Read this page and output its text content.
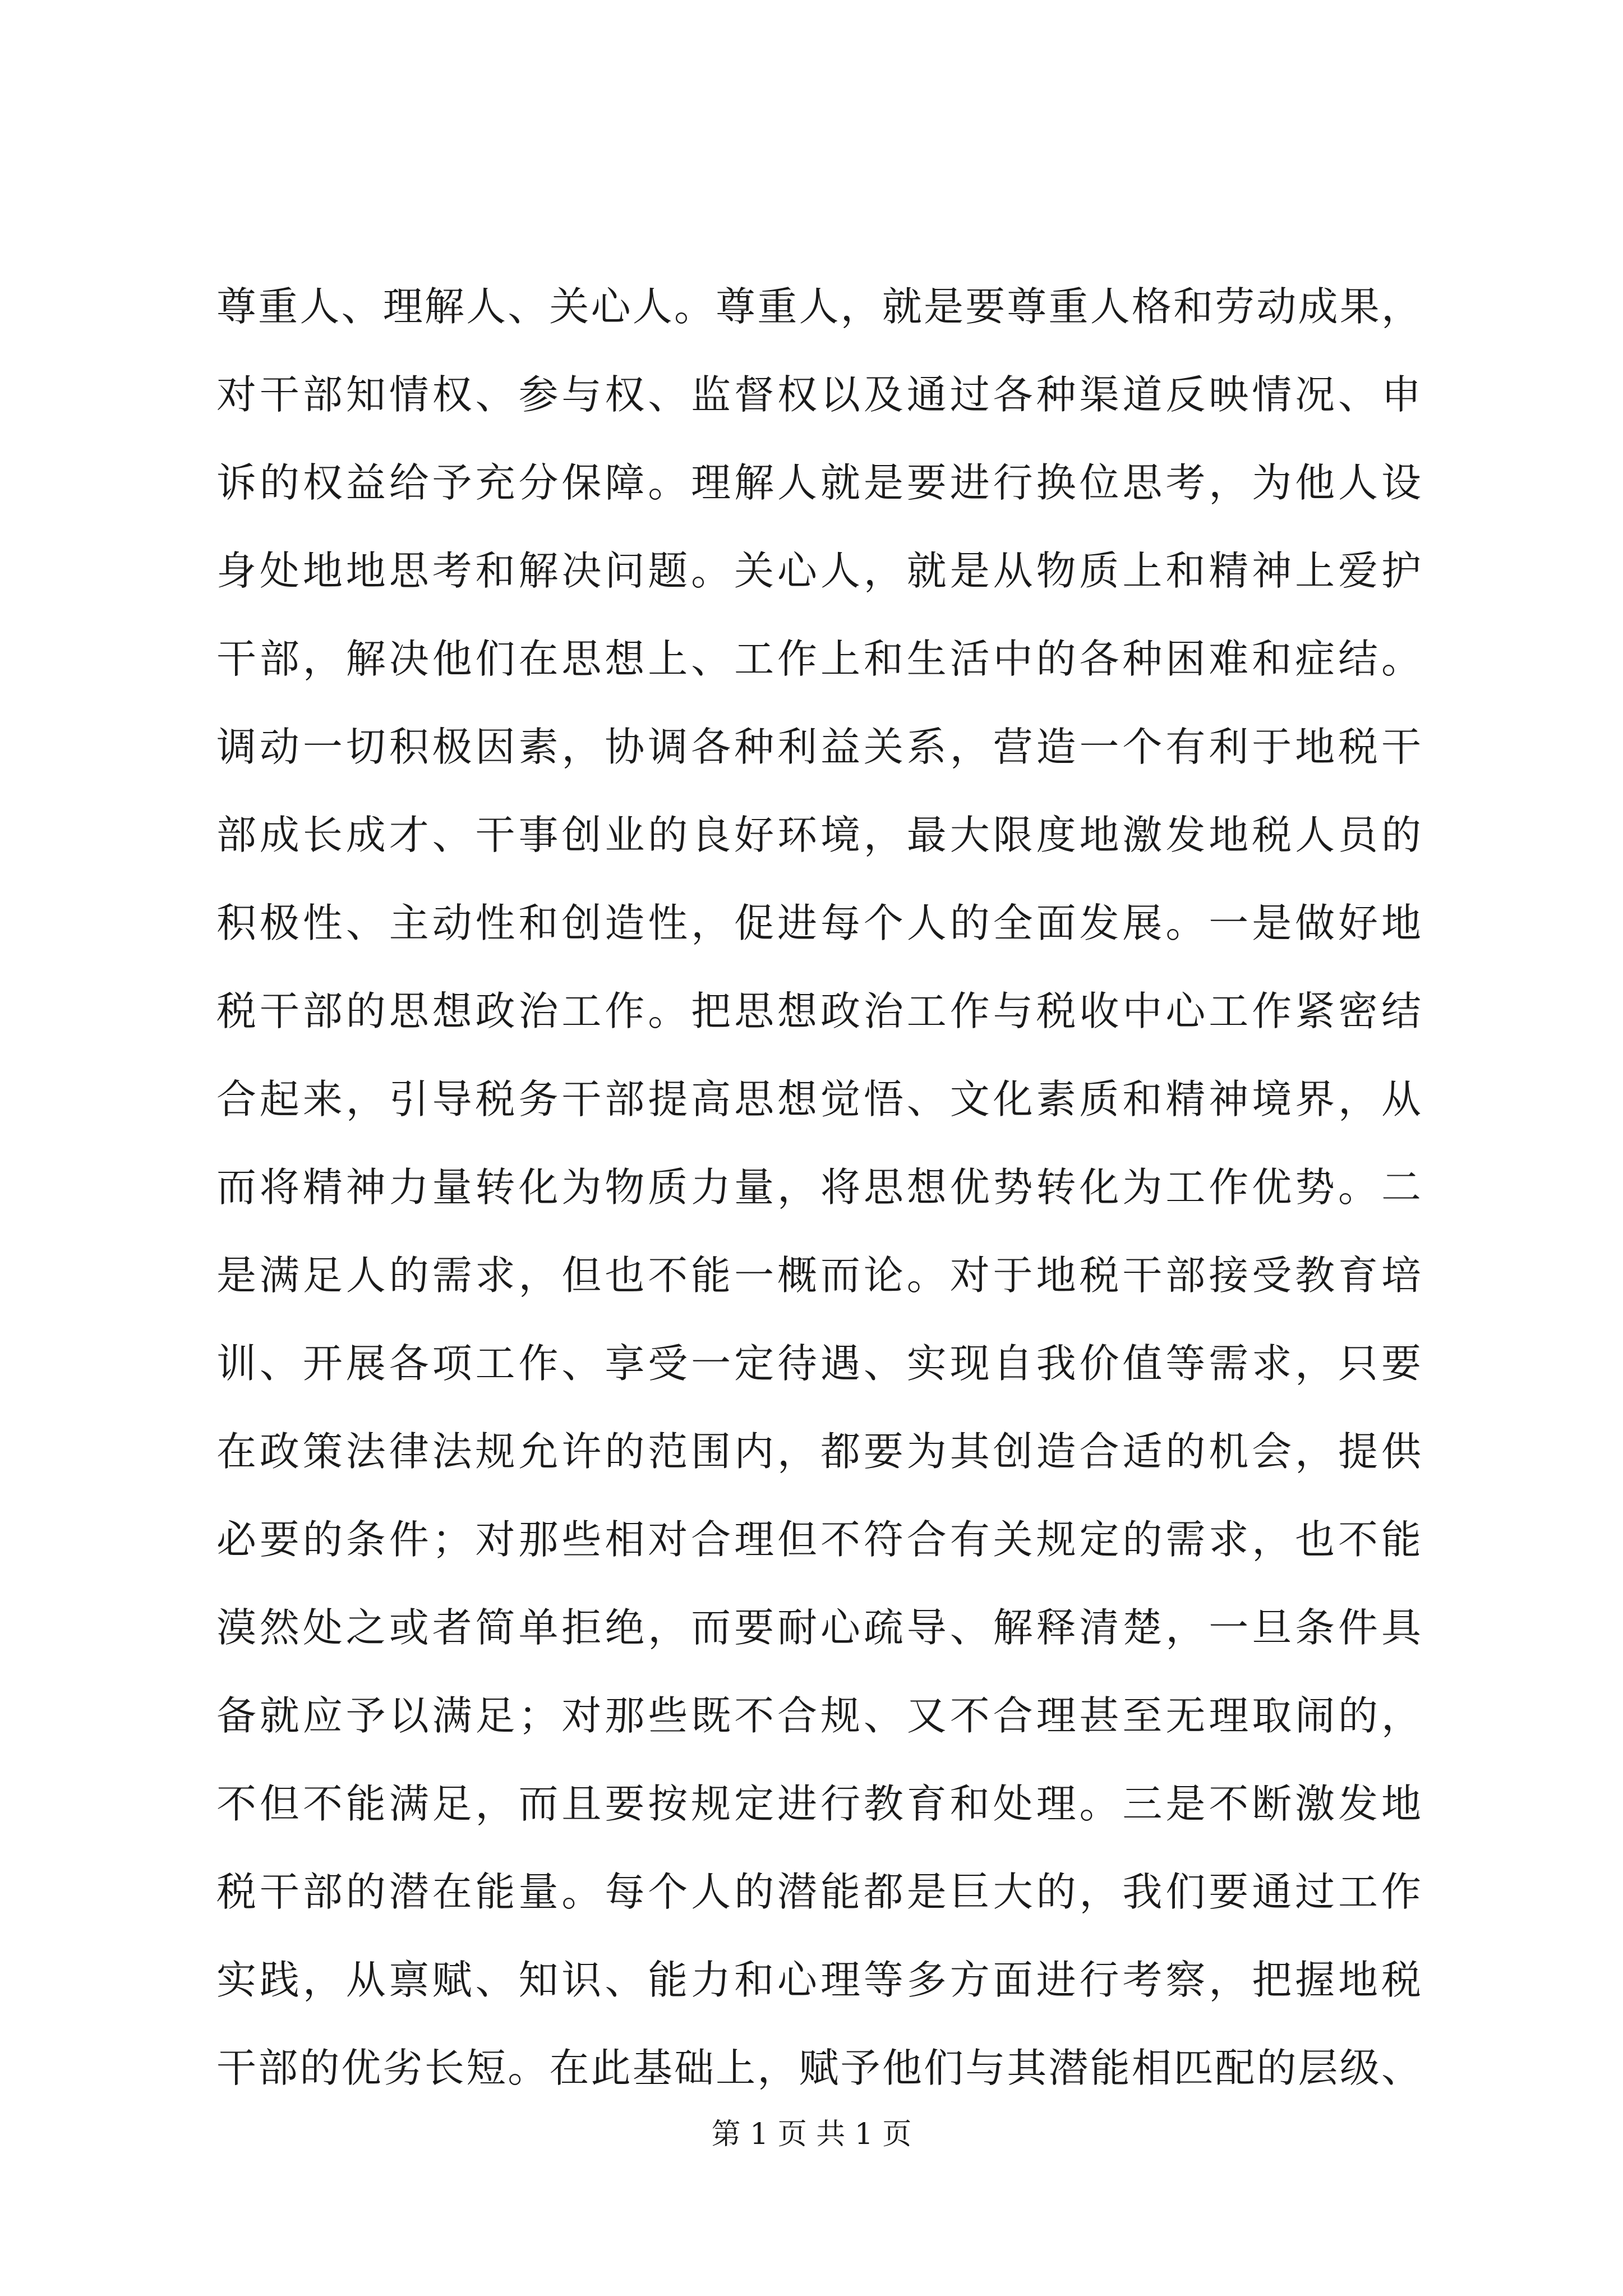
尊重人、理解人、关心人。尊重人，就是要尊重人格和劳动成果，
对干部知情权、参与权、监督权以及通过各种渠道反映情况、申
诉的权益给予充分保障。理解人就是要进行换位思考，为他人设
身处地地思考和解决问题。关心人，就是从物质上和精神上爱护
干部，解决他们在思想上、工作上和生活中的各种困难和症结。
调动一切积极因素，协调各种利益关系，营造一个有利于地税干
部成长成才、干事创业的良好环境，最大限度地激发地税人员的
积极性、主动性和创造性，促进每个人的全面发展。一是做好地
税干部的思想政治工作。把思想政治工作与税收中心工作紧密结
合起来，引导税务干部提高思想觉悟、文化素质和精神境界，从
而将精神力量转化为物质力量，将思想优势转化为工作优势。二
是满足人的需求，但也不能一概而论。对于地税干部接受教育培
训、开展各项工作、享受一定待遇、实现自我价值等需求，只要
在政策法律法规允许的范围内，都要为其创造合适的机会，提供
必要的条件；对那些相对合理但不符合有关规定的需求，也不能
漠然处之或者简单拒绝，而要耐心疏导、解释清楚，一旦条件具
备就应予以满足；对那些既不合规、又不合理甚至无理取闹的，
不但不能满足，而且要按规定进行教育和处理。三是不断激发地
税干部的潜在能量。每个人的潜能都是巨大的，我们要通过工作
实践，从禀赋、知识、能力和心理等多方面进行考察，把握地税
干部的优劣长短。在此基础上，赋予他们与其潜能相匹配的层级、
第 1 页 共 1 页
